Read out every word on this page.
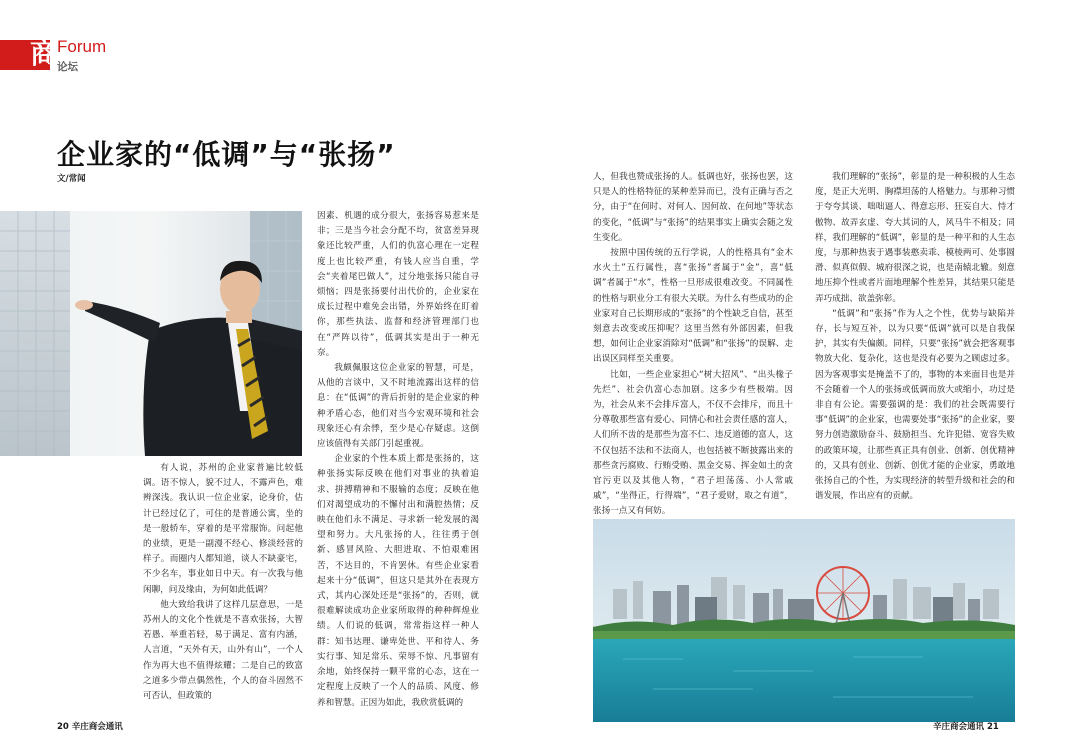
商
Forum
论坛
企业家的“低调”与“张扬”
文/常闻

有人说，苏州的企业家普遍比较低调。语不惊人，貌不过人，不露声色，难辨深浅。我认识一位企业家，论身价，估计已经过亿了，可住的是普通公寓，坐的是一般轿车，穿着的是平常服饰。问起他的业绩，更是一副漫不经心、修淡经营的样子。而圈内人都知道，谈人不缺豪宅，不少名车，事业如日中天。有一次我与他闲聊，问及缘由，为何如此低调？

他大致给我讲了这样几层意思，一是苏州人的文化个性就是不喜欢张扬，大智若愚、举重若轻，易于满足、富有内涵，人言道，“天外有天，山外有山”，一个人作为再大也不值得炫耀；二是自己的致富之道多少带点偶然性，个人的奋斗固然不可否认，但政策的

因素、机遇的成分很大，张扬容易惹来是非；三是当今社会分配不均，贫富差异现象还比较严重，人们的仇富心理在一定程度上也比较严重，有钱人应当自重，学会“夹着尾巴做人”，过分地张扬只能自寻烦恼；四是张扬要付出代价的，企业家在成长过程中难免会出错，外界始终在盯着你，那些执法、监督和经济管理部门也在“严阵以待”，低调其实是出于一种无奈。

我颇佩服这位企业家的智慧，可是，从他的言谈中，又不时地流露出这样的信息：在“低调”的背后折射的是企业家的种种矛盾心态，他们对当今宏观环境和社会现象还心有余悸，至少是心存疑虑。这倒应该值得有关部门引起重视。

企业家的个性本质上都是张扬的，这种张扬实际反映在他们对事业的执着追求、拼搏精神和不服输的态度；反映在他们对渴望成功的不懈付出和满腔热情；反映在他们永不满足、寻求新一轮发展的渴望和努力。大凡张扬的人，往往勇于创新、感冒风险、大胆进取、不怕艰难困苦，不达目的，不肯罢休。有些企业家看起来十分“低调”，但这只是其外在表现方式，其内心深处还是“张扬”的，否则，就很难解读成功企业家所取得的种种辉煌业绩。人们说的低调，常常指这样一种人群：知书达理、谦卑处世、平和待人、务实行事、知足常乐、荣辱不惊、凡事留有余地，始终保持一颗平常的心态，这在一定程度上反映了一个人的品质、风度、修养和智慧。正因为如此，我欣赏低调的

人，但我也赞成张扬的人。低调也好，张扬也罢，这只是人的性格特征的某种差异而已，没有正确与否之分，由于“在何时、对何人、因何故、在何地”等状态的变化，“低调”与“张扬”的结果事实上确实会随之发生变化。

按照中国传统的五行学说，人的性格具有“金木水火土”五行属性，喜“张扬”者属于“金”，喜“低调”者属于“水”，性格一旦形成很难改变。不同属性的性格与职业分工有很大关联。为什么有些成功的企业家对自己长期形成的“张扬”的个性缺乏自信，甚至刻意去改变或压抑呢？这里当然有外部因素，但我想，如何让企业家消除对“低调”和“张扬”的误解、走出误区同样至关重要。

比如，一些企业家担心“树大招风”、“出头椽子先烂”、社会仇富心态加剧。这多少有些极端。因为，社会从来不会排斥富人，不仅不会排斥，而且十分尊敬那些富有爱心、同情心和社会责任感的富人，人们所不齿的是那些为富不仁、违反道德的富人，这不仅包括不法和不法商人，也包括被不断披露出来的那些贪污腐败、行贿受贿、黑金交易、挥金如土的贪官污吏以及其他人物，“君子坦荡荡、小人常戚戚”，“坐得正，行得端”，“君子爱财，取之有道”，张扬一点又有何妨。

我们理解的“张扬”，彰显的是一种积极的人生态度，是正大光明、胸襟坦荡的人格魅力。与那种习惯于夸夸其谈、咄咄逼人、得意忘形、狂妄自大、恃才傲物、故弄玄虚、夸大其词的人，风马牛不相及；同样，我们理解的“低调”，彰显的是一种平和的人生态度，与那种热衷于遇事装憨卖乖、模棱两可、处事圆滑、似真似假、城府很深之说，也是南辕北辙。刻意地压抑个性或者片面地理解个性差异，其结果只能是弄巧成拙、欲盖弥彰。

“低调”和“张扬”作为人之个性，优势与缺陷并存，长与短互补，以为只要“低调”就可以是自我保护，其实有失偏颇。同样，只要“张扬”就会把客观事物放大化、复杂化，这也是没有必要为之顾虑过多。因为客观事实是掩盖不了的，事物的本来面目也是并不会随着一个人的张扬或低调而放大或缩小，功过是非自有公论。需要强调的是：我们的社会既需要行事“低调”的企业家，也需要处事“张扬”的企业家，要努力创造激励奋斗、鼓励担当、允许犯错、宽容失败的政策环境，让那些真正具有创业、创新、创优精神的，又具有创业、创新、创优才能的企业家，勇敢地张扬自己的个性，为实现经济的转型升级和社会的和谐发展，作出应有的贡献。

20 辛庄商会通讯	辛庄商会通讯 21
